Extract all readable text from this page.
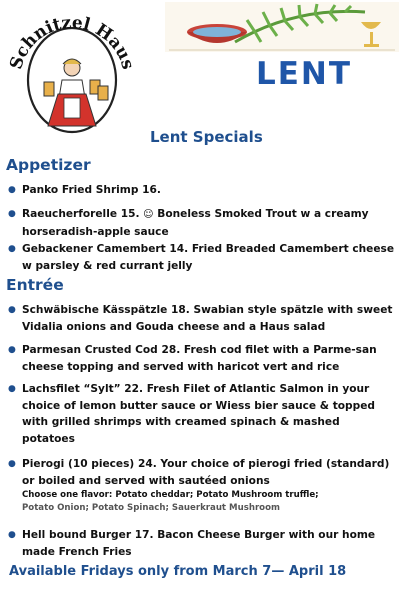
Schnitzel Haus	LENT
Lent Specials
Appetizer
● Panko Fried Shrimp 16.
● Raeucherforelle 15. ☺ Boneless Smoked Trout w a creamy horseradish-apple sauce
● Gebackener Camembert 14. Fried Breaded Camembert cheese w parsley & red currant jelly
Entrée
● Schwäbische Kässpätzle 18. Swabian style spätzle with sweet Vidalia onions and Gouda cheese and a Haus salad
● Parmesan Crusted Cod 28. Fresh cod filet with a Parme-san cheese topping and served with haricot vert and rice
● Lachsfilet “Sylt” 22. Fresh Filet of Atlantic Salmon in your choice of lemon butter sauce or Wiess bier sauce & topped with grilled shrimps with creamed spinach & mashed potatoes
● Pierogi (10 pieces) 24. Your choice of pierogi fried (standard) or boiled and served with sautéed onions
Choose one flavor: Potato cheddar; Potato Mushroom truffle;
Potato Onion; Potato Spinach; Sauerkraut Mushroom
● Hell bound Burger 17. Bacon Cheese Burger with our home made French Fries
Available Fridays only from March 7— April 18
